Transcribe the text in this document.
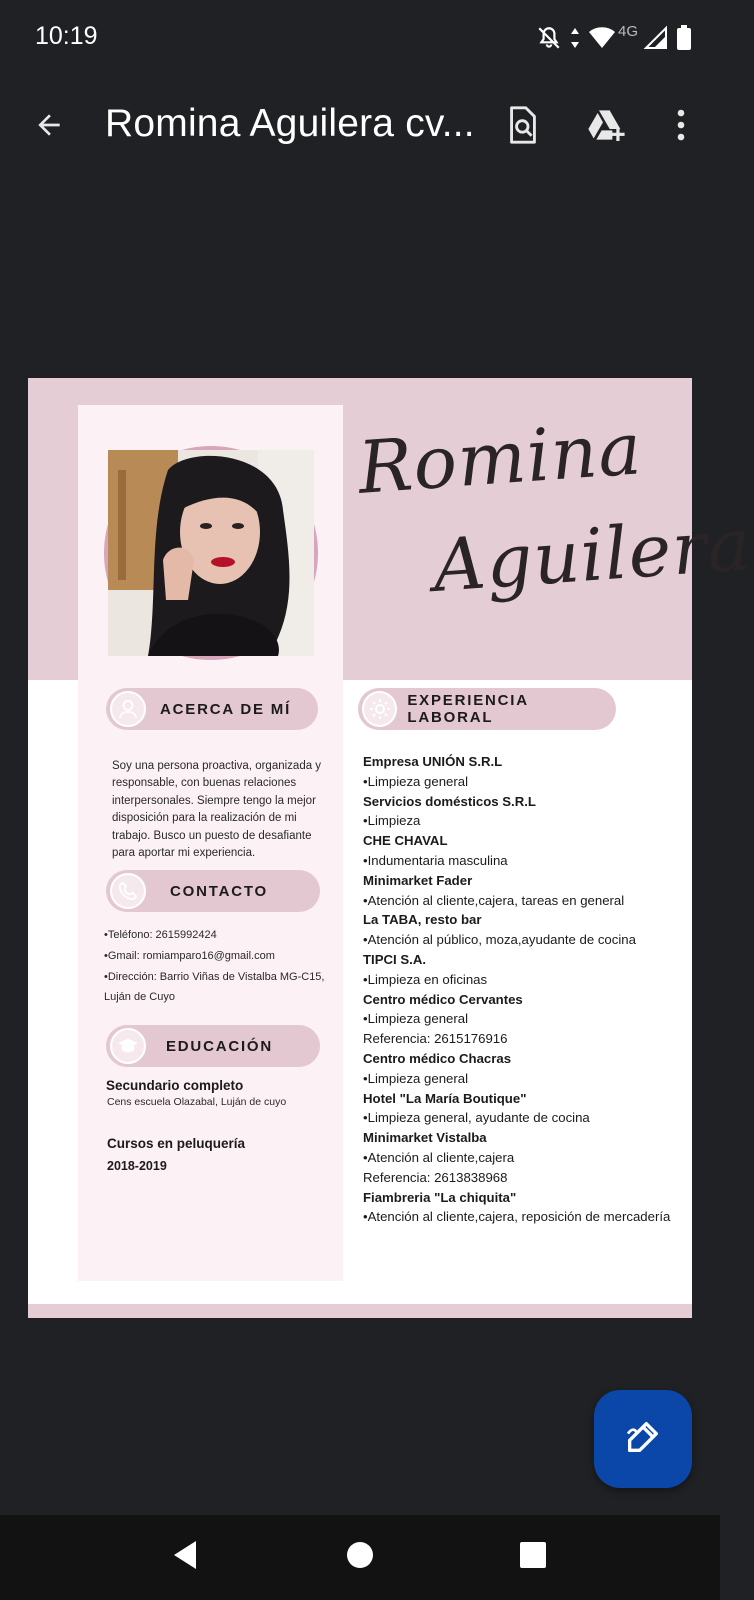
10:19	4G
Romina Aguilera cv...
Romina
Aguilera
ACERCA DE MÍ
Soy una persona proactiva, organizada y responsable, con buenas relaciones interpersonales. Siempre tengo la mejor disposición para la realización de mi trabajo. Busco un puesto de desafiante para aportar mi experiencia.
CONTACTO
•Teléfono: 2615992424
•Gmail: romiamparo16@gmail.com
•Dirección: Barrio Viñas de Vistalba MG-C15, Luján de Cuyo
EDUCACIÓN
Secundario completo
Cens escuela Olazabal, Luján de cuyo
Cursos en peluquería
2018-2019
EXPERIENCIA LABORAL
Empresa UNIÓN S.R.L
•Limpieza general
Servicios domésticos S.R.L
•Limpieza
CHE CHAVAL
•Indumentaria masculina
Minimarket Fader
•Atención al cliente,cajera, tareas en general
La TABA, resto bar
•Atención al público, moza,ayudante de cocina
TIPCI S.A.
•Limpieza en oficinas
Centro médico Cervantes
•Limpieza general
Referencia: 2615176916
Centro médico Chacras
•Limpieza general
Hotel "La María Boutique"
•Limpieza general, ayudante de cocina
Minimarket Vistalba
•Atención al cliente,cajera
Referencia: 2613838968
Fiambreria "La chiquita"
•Atención al cliente,cajera, reposición de mercadería
